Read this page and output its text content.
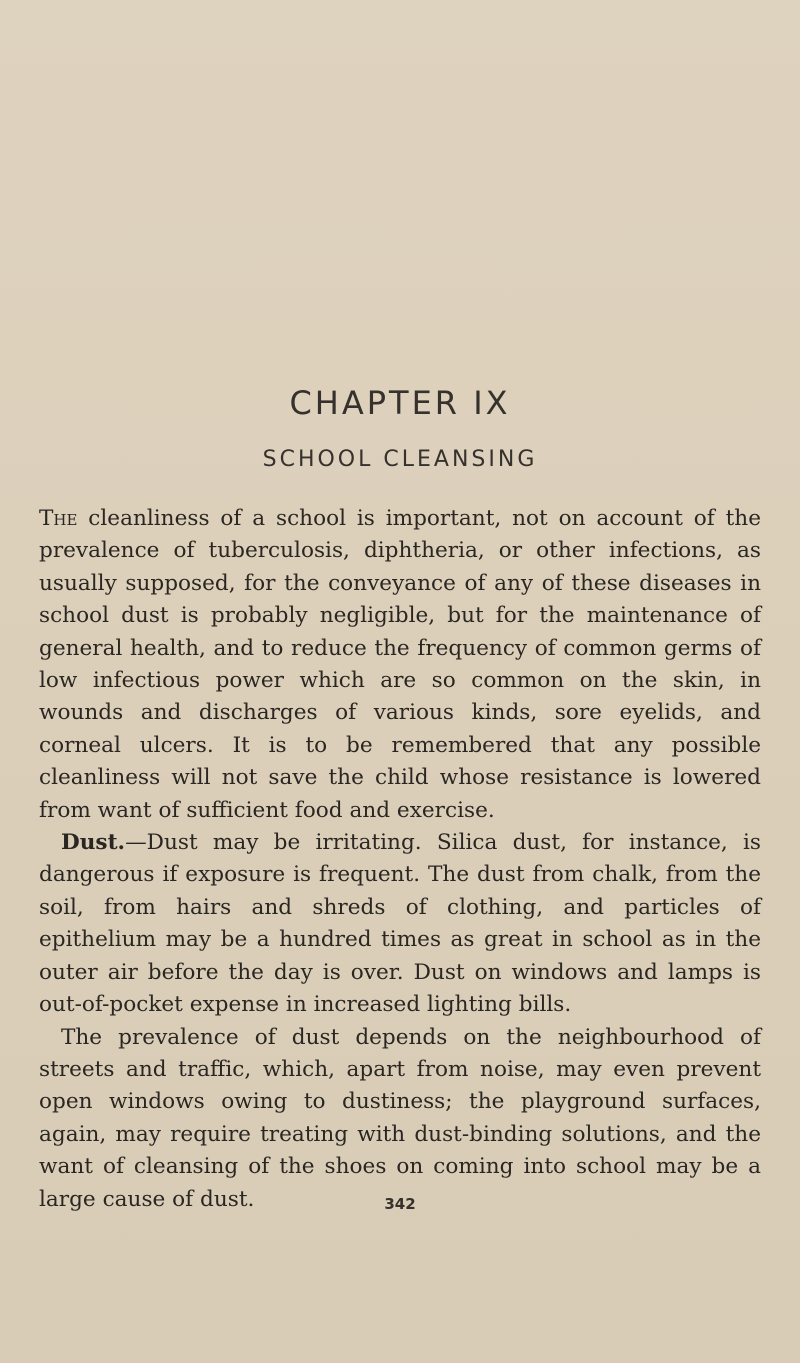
CHAPTER IX
SCHOOL CLEANSING

The cleanliness of a school is important, not on account of the prevalence of tuberculosis, diphtheria, or other infections, as usually supposed, for the conveyance of any of these diseases in school dust is probably negligible, but for the maintenance of general health, and to reduce the frequency of common germs of low infectious power which are so common on the skin, in wounds and discharges of various kinds, sore eyelids, and corneal ulcers. It is to be remembered that any possible cleanliness will not save the child whose resistance is lowered from want of sufficient food and exercise.

Dust.—Dust may be irritating. Silica dust, for instance, is dangerous if exposure is frequent. The dust from chalk, from the soil, from hairs and shreds of clothing, and particles of epithelium may be a hundred times as great in school as in the outer air before the day is over. Dust on windows and lamps is out-of-pocket expense in increased lighting bills.

The prevalence of dust depends on the neighbourhood of streets and traffic, which, apart from noise, may even prevent open windows owing to dustiness; the playground surfaces, again, may require treating with dust-binding solutions, and the want of cleansing of the shoes on coming into school may be a large cause of dust.	342
